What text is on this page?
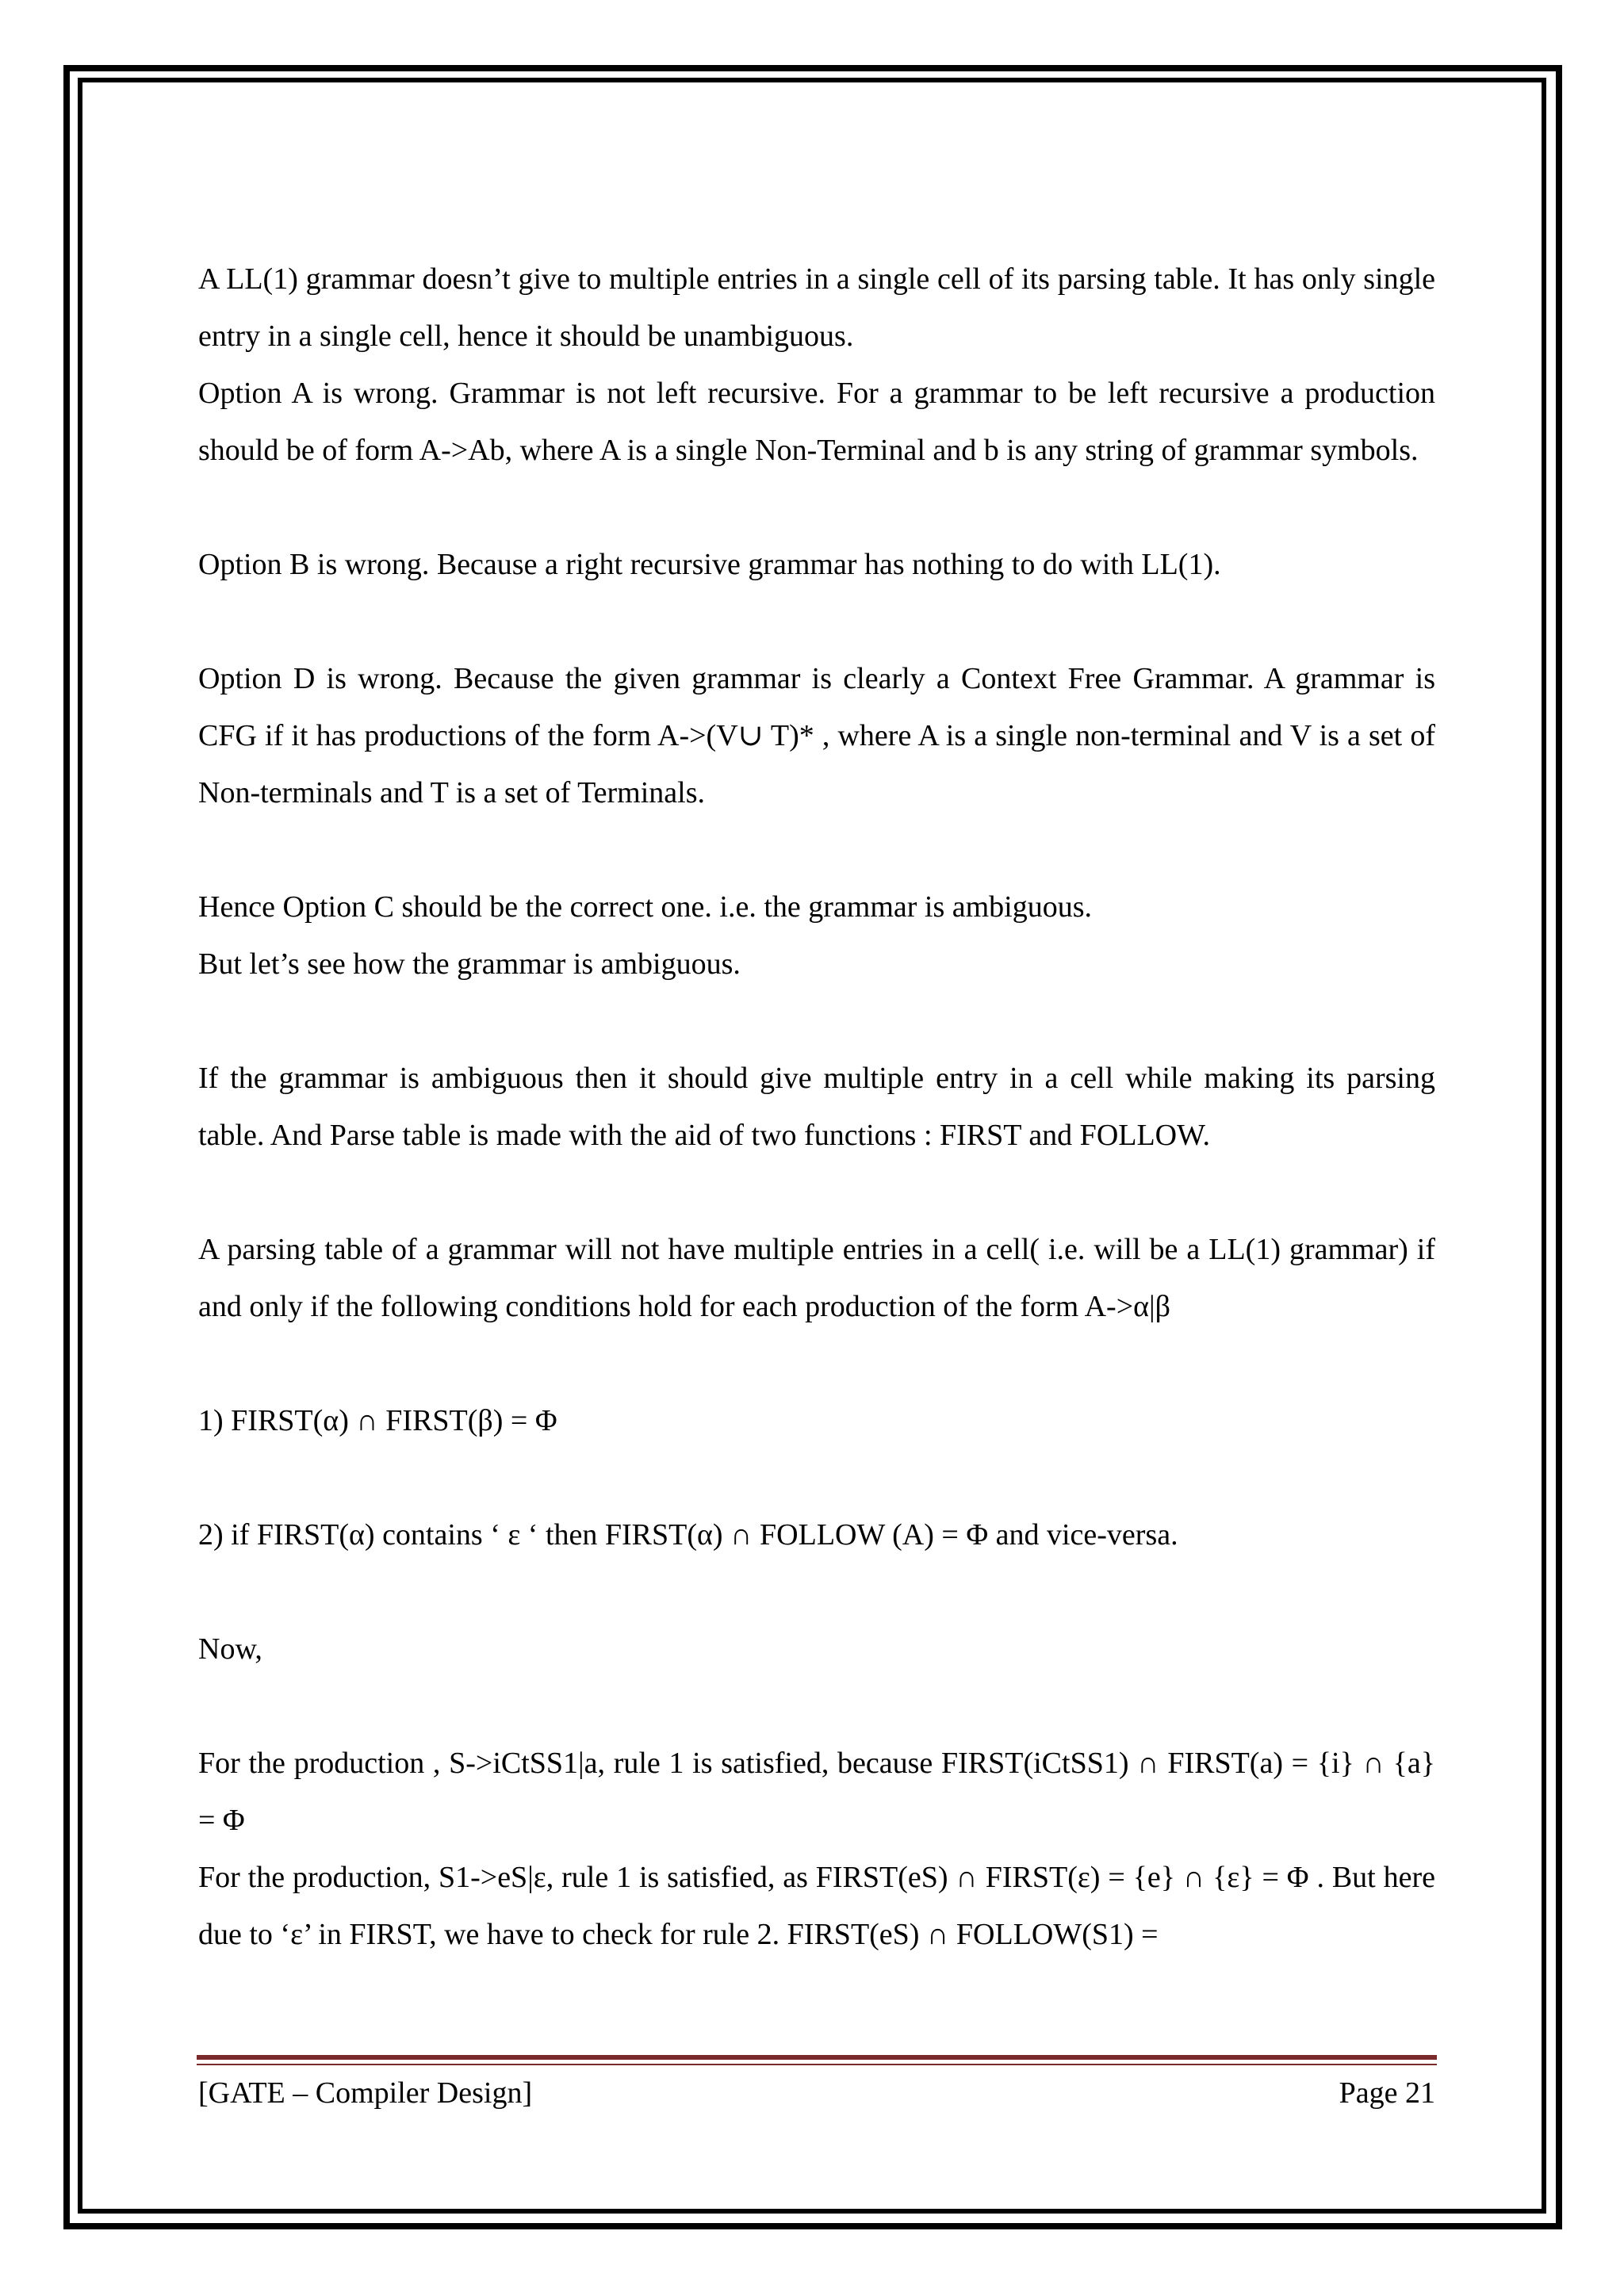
A LL(1) grammar doesn’t give to multiple entries in a single cell of its parsing table. It has only single entry in a single cell, hence it should be unambiguous.

Option A is wrong. Grammar is not left recursive. For a grammar to be left recursive a production should be of form A->Ab, where A is a single Non-Terminal and b is any string of grammar symbols.

Option B is wrong. Because a right recursive grammar has nothing to do with LL(1).

Option D is wrong. Because the given grammar is clearly a Context Free Grammar. A grammar is CFG if it has productions of the form A->(V∪ T)* , where A is a single non-terminal and V is a set of Non-terminals and T is a set of Terminals.

Hence Option C should be the correct one. i.e. the grammar is ambiguous.

But let’s see how the grammar is ambiguous.

If the grammar is ambiguous then it should give multiple entry in a cell while making its parsing table. And Parse table is made with the aid of two functions : FIRST and FOLLOW.

A parsing table of a grammar will not have multiple entries in a cell( i.e. will be a LL(1) grammar) if and only if the following conditions hold for each production of the form A->α|β

1) FIRST(α) ∩ FIRST(β) = Φ

2) if FIRST(α) contains ‘ ε ‘ then FIRST(α) ∩ FOLLOW (A) = Φ and vice-versa.

Now,

For the production , S->iCtSS1|a, rule 1 is satisfied, because FIRST(iCtSS1) ∩ FIRST(a) = {i} ∩ {a} = Φ

For the production, S1->eS|ε, rule 1 is satisfied, as FIRST(eS) ∩ FIRST(ε) = {e} ∩ {ε} = Φ . But here due to ‘ε’ in FIRST, we have to check for rule 2. FIRST(eS) ∩ FOLLOW(S1) =

[GATE – Compiler Design]	Page 21
